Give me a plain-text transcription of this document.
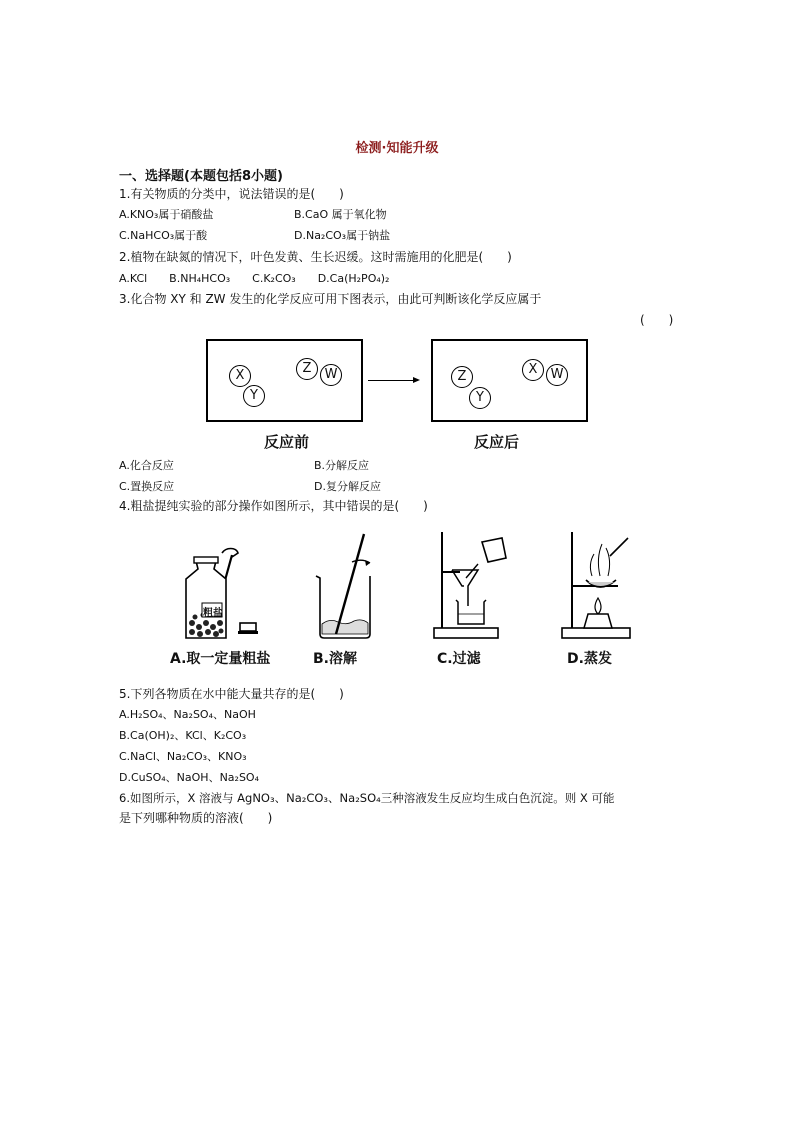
检测·知能升级
一、选择题(本题包括8小题)
1.有关物质的分类中，说法错误的是(　　)
A.KNO₃属于硝酸盐	B.CaO 属于氧化物
C.NaHCO₃属于酸	D.Na₂CO₃属于钠盐
2.植物在缺氮的情况下，叶色发黄、生长迟缓。这时需施用的化肥是(　　)
A.KCl　　B.NH₄HCO₃　　C.K₂CO₃　　D.Ca(H₂PO₄)₂
3.化合物 XY 和 ZW 发生的化学反应可用下图表示，由此可判断该化学反应属于
(　　)
X
Y
Z	W	Z
Y
X	W
反应前	反应后
A.化合反应	B.分解反应
C.置换反应	D.复分解反应
4.粗盐提纯实验的部分操作如图所示，其中错误的是(　　)
粗盐
A.取一定量粗盐	B.溶解	C.过滤	D.蒸发
5.下列各物质在水中能大量共存的是(　　)
A.H₂SO₄、Na₂SO₄、NaOH
B.Ca(OH)₂、KCl、K₂CO₃
C.NaCl、Na₂CO₃、KNO₃
D.CuSO₄、NaOH、Na₂SO₄
6.如图所示，X 溶液与 AgNO₃、Na₂CO₃、Na₂SO₄三种溶液发生反应均生成白色沉淀。则 X 可能
是下列哪种物质的溶液(　　)
